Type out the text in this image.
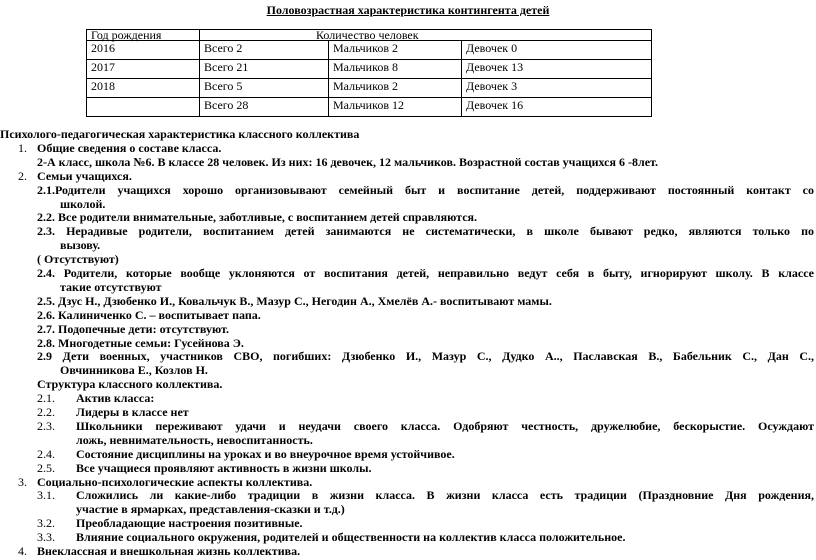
Половозрастная характеристика контингента детей
Год рождения	Количество человек		
2016	Всего 2	Мальчиков 2	Девочек 0
2017	Всего 21	Мальчиков 8	Девочек 13
2018	Всего 5	Мальчиков 2	Девочек 3
	Всего 28	Мальчиков 12	Девочек 16
Психолого-педагогическая характеристика классного коллектива
1. Общие сведения о составе класса.
2-А класс, школа №6. В классе 28 человек. Из них: 16 девочек, 12 мальчиков. Возрастной состав учащихся 6 -8лет.
2. Семьи учащихся.
2.1.Родители учащихся хорошо организовывают семейный быт и воспитание детей, поддерживают постоянный контакт со
школой.
2.2. Все родители внимательные, заботливые, с воспитанием детей справляются.
2.3. Нерадивые родители, воспитанием детей занимаются не систематически, в школе бывают редко, являются только по
вызову.
( Отсутствуют)
2.4. Родители, которые вообще уклоняются от воспитания детей, неправильно ведут себя в быту, игнорируют школу. В классе
такие отсутствуют
2.5. Дзус Н., Дзюбенко И., Ковальчук В., Мазур С., Негодин А., Хмелёв А.- воспитывают мамы.
2.6. Калиниченко С. – воспитывает папа.
2.7. Подопечные дети: отсутствуют.
2.8. Многодетные семьи: Гусейнова Э.
2.9 Дети военных, участников СВО, погибших: Дзюбенко И., Мазур С., Дудко А.., Паславская В., Бабельник С., Дан С.,
Овчинникова Е., Козлов Н.
Структура классного коллектива.
2.1. Актив класса:
2.2. Лидеры в классе нет
2.3. Школьники переживают удачи и неудачи своего класса. Одобряют честность, дружелюбие, бескорыстие. Осуждают
ложь, невнимательность, невоспитанность.
2.4. Состояние дисциплины на уроках и во внеурочное время устойчивое.
2.5. Все учащиеся проявляют активность в жизни школы.
3. Социально-психологические аспекты коллектива.
3.1. Сложились ли какие-либо традиции в жизни класса. В жизни класса есть традиции (Праздновние Дня рождения,
участие в ярмарках, представления-сказки и т.д.)
3.2. Преобладающие настроения позитивные.
3.3. Влияние социального окружения, родителей и общественности на коллектив класса положительное.
4. Внеклассная и внешкольная жизнь коллектива.
